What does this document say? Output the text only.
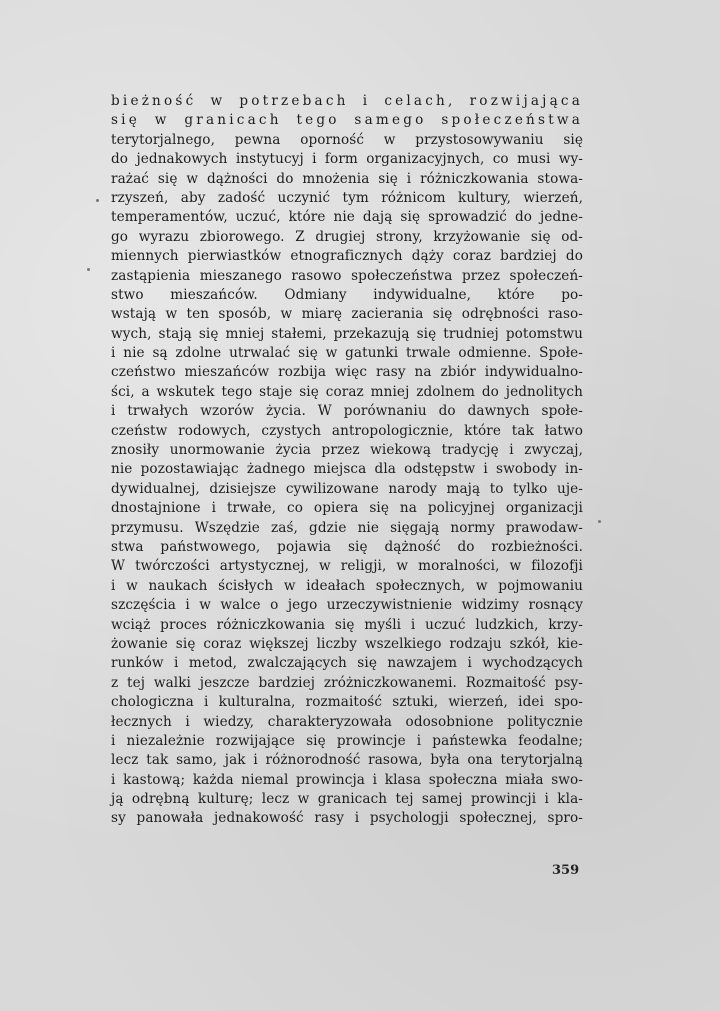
bieżność w potrzebach i celach, rozwijająca
się w granicach tego samego społeczeństwa
terytorjalnego, pewna oporność w przystosowywaniu się
do jednakowych instytucyj i form organizacyjnych, co musi wy-
rażać się w dążności do mnożenia się i różniczkowania stowa-
rzyszeń, aby zadość uczynić tym różnicom kultury, wierzeń,
temperamentów, uczuć, które nie dają się sprowadzić do jedne-
go wyrazu zbiorowego. Z drugiej strony, krzyżowanie się od-
miennych pierwiastków etnograficznych dąży coraz bardziej do
zastąpienia mieszanego rasowo społeczeństwa przez społeczeń-
stwo mieszańców. Odmiany indywidualne, które po-
wstają w ten sposób, w miarę zacierania się odrębności raso-
wych, stają się mniej stałemi, przekazują się trudniej potomstwu
i nie są zdolne utrwalać się w gatunki trwale odmienne. Społe-
czeństwo mieszańców rozbija więc rasy na zbiór indywidualno-
ści, a wskutek tego staje się coraz mniej zdolnem do jednolitych
i trwałych wzorów życia. W porównaniu do dawnych społe-
czeństw rodowych, czystych antropologicznie, które tak łatwo
znosiły unormowanie życia przez wiekową tradycję i zwyczaj,
nie pozostawiając żadnego miejsca dla odstępstw i swobody in-
dywidualnej, dzisiejsze cywilizowane narody mają to tylko uje-
dnostajnione i trwałe, co opiera się na policyjnej organizacji
przymusu. Wszędzie zaś, gdzie nie sięgają normy prawodaw-
stwa państwowego, pojawia się dążność do rozbieżności.
W twórczości artystycznej, w religji, w moralności, w filozofji
i w naukach ścisłych w ideałach społecznych, w pojmowaniu
szczęścia i w walce o jego urzeczywistnienie widzimy rosnący
wciąż proces różniczkowania się myśli i uczuć ludzkich, krzy-
żowanie się coraz większej liczby wszelkiego rodzaju szkół, kie-
runków i metod, zwalczających się nawzajem i wychodzących
z tej walki jeszcze bardziej zróżniczkowanemi. Rozmaitość psy-
chologiczna i kulturalna, rozmaitość sztuki, wierzeń, idei spo-
łecznych i wiedzy, charakteryzowała odosobnione politycznie
i niezależnie rozwijające się prowincje i państewka feodalne;
lecz tak samo, jak i różnorodność rasowa, była ona terytorjalną
i kastową; każda niemal prowincja i klasa społeczna miała swo-
ją odrębną kulturę; lecz w granicach tej samej prowincji i kla-
sy panowała jednakowość rasy i psychologji społecznej, spro-
359
